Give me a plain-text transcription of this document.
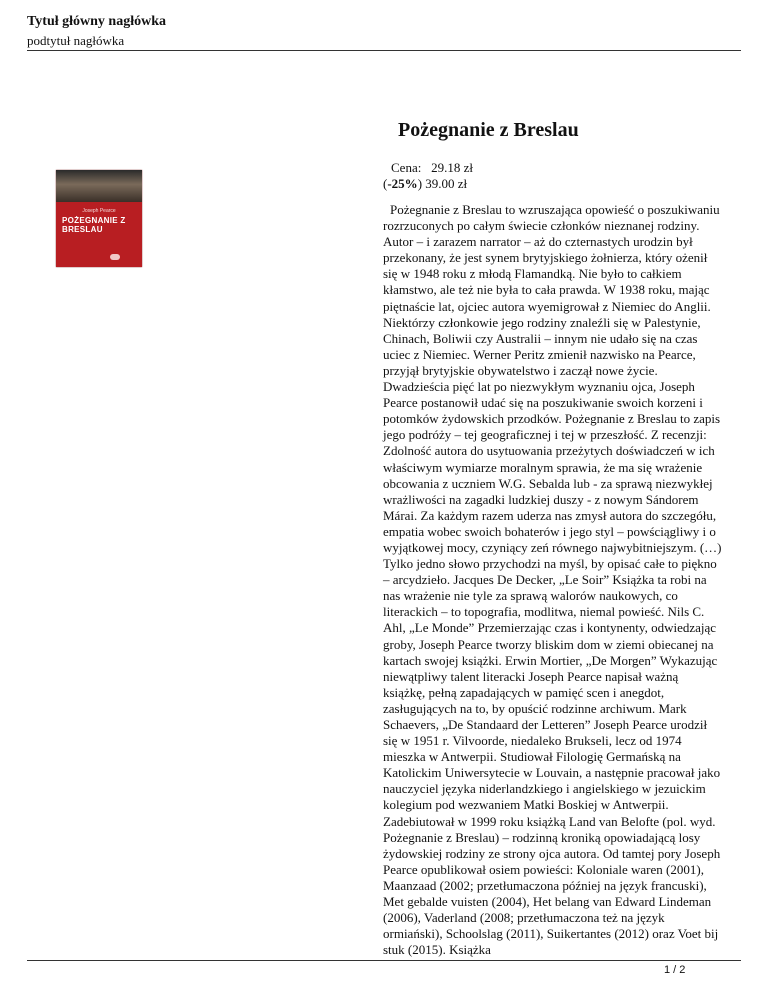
Tytuł główny nagłówka
podtytuł nagłówka
Pożegnanie z Breslau
Joseph Pearce
POŻEGNANIE Z BRESLAU
Cena: 29.18 zł
(-25%) 39.00 zł
Pożegnanie z Breslau to wzruszająca opowieść o poszukiwaniu rozrzuconych po całym świecie członków nieznanej rodziny. Autor – i zarazem narrator – aż do czternastych urodzin był przekonany, że jest synem brytyjskiego żołnierza, który ożenił się w 1948 roku z młodą Flamandką. Nie było to całkiem kłamstwo, ale też nie była to cała prawda. W 1938 roku, mając piętnaście lat, ojciec autora wyemigrował z Niemiec do Anglii. Niektórzy członkowie jego rodziny znaleźli się w Palestynie, Chinach, Boliwii czy Australii – innym nie udało się na czas uciec z Niemiec. Werner Peritz zmienił nazwisko na Pearce, przyjął brytyjskie obywatelstwo i zaczął nowe życie. Dwadzieścia pięć lat po niezwykłym wyznaniu ojca, Joseph Pearce postanowił udać się na poszukiwanie swoich korzeni i potomków żydowskich przodków. Pożegnanie z Breslau to zapis jego podróży – tej geograficznej i tej w przeszłość. Z recenzji: Zdolność autora do usytuowania przeżytych doświadczeń w ich właściwym wymiarze moralnym sprawia, że ma się wrażenie obcowania z uczniem W.G. Sebalda lub - za sprawą niezwykłej wrażliwości na zagadki ludzkiej duszy - z nowym Sándorem Márai. Za każdym razem uderza nas zmysł autora do szczegółu, empatia wobec swoich bohaterów i jego styl – powściągliwy i o wyjątkowej mocy, czyniący zeń równego najwybitniejszym. (…) Tylko jedno słowo przychodzi na myśl, by opisać całe to piękno – arcydzieło. Jacques De Decker, „Le Soir” Książka ta robi na nas wrażenie nie tyle za sprawą walorów naukowych, co literackich – to topografia, modlitwa, niemal powieść. Nils C. Ahl, „Le Monde” Przemierzając czas i kontynenty, odwiedzając groby, Joseph Pearce tworzy bliskim dom w ziemi obiecanej na kartach swojej książki. Erwin Mortier, „De Morgen” Wykazując niewątpliwy talent literacki Joseph Pearce napisał ważną książkę, pełną zapadających w pamięć scen i anegdot, zasługujących na to, by opuścić rodzinne archiwum. Mark Schaevers, „De Standaard der Letteren” Joseph Pearce urodził się w 1951 r. Vilvoorde, niedaleko Brukseli, lecz od 1974 mieszka w Antwerpii. Studiował Filologię Germańską na Katolickim Uniwersytecie w Louvain, a następnie pracował jako nauczyciel języka niderlandzkiego i angielskiego w jezuickim kolegium pod wezwaniem Matki Boskiej w Antwerpii. Zadebiutował w 1999 roku książką Land van Belofte (pol. wyd. Pożegnanie z Breslau) – rodzinną kroniką opowiadającą losy żydowskiej rodziny ze strony ojca autora. Od tamtej pory Joseph Pearce opublikował osiem powieści: Koloniale waren (2001), Maanzaad (2002; przetłumaczona później na język francuski), Met gebalde vuisten (2004), Het belang van Edward Lindeman (2006), Vaderland (2008; przetłumaczona też na język ormiański), Schoolslag (2011), Suikertantes (2012) oraz Voet bij stuk (2015). Książka
1 / 2
